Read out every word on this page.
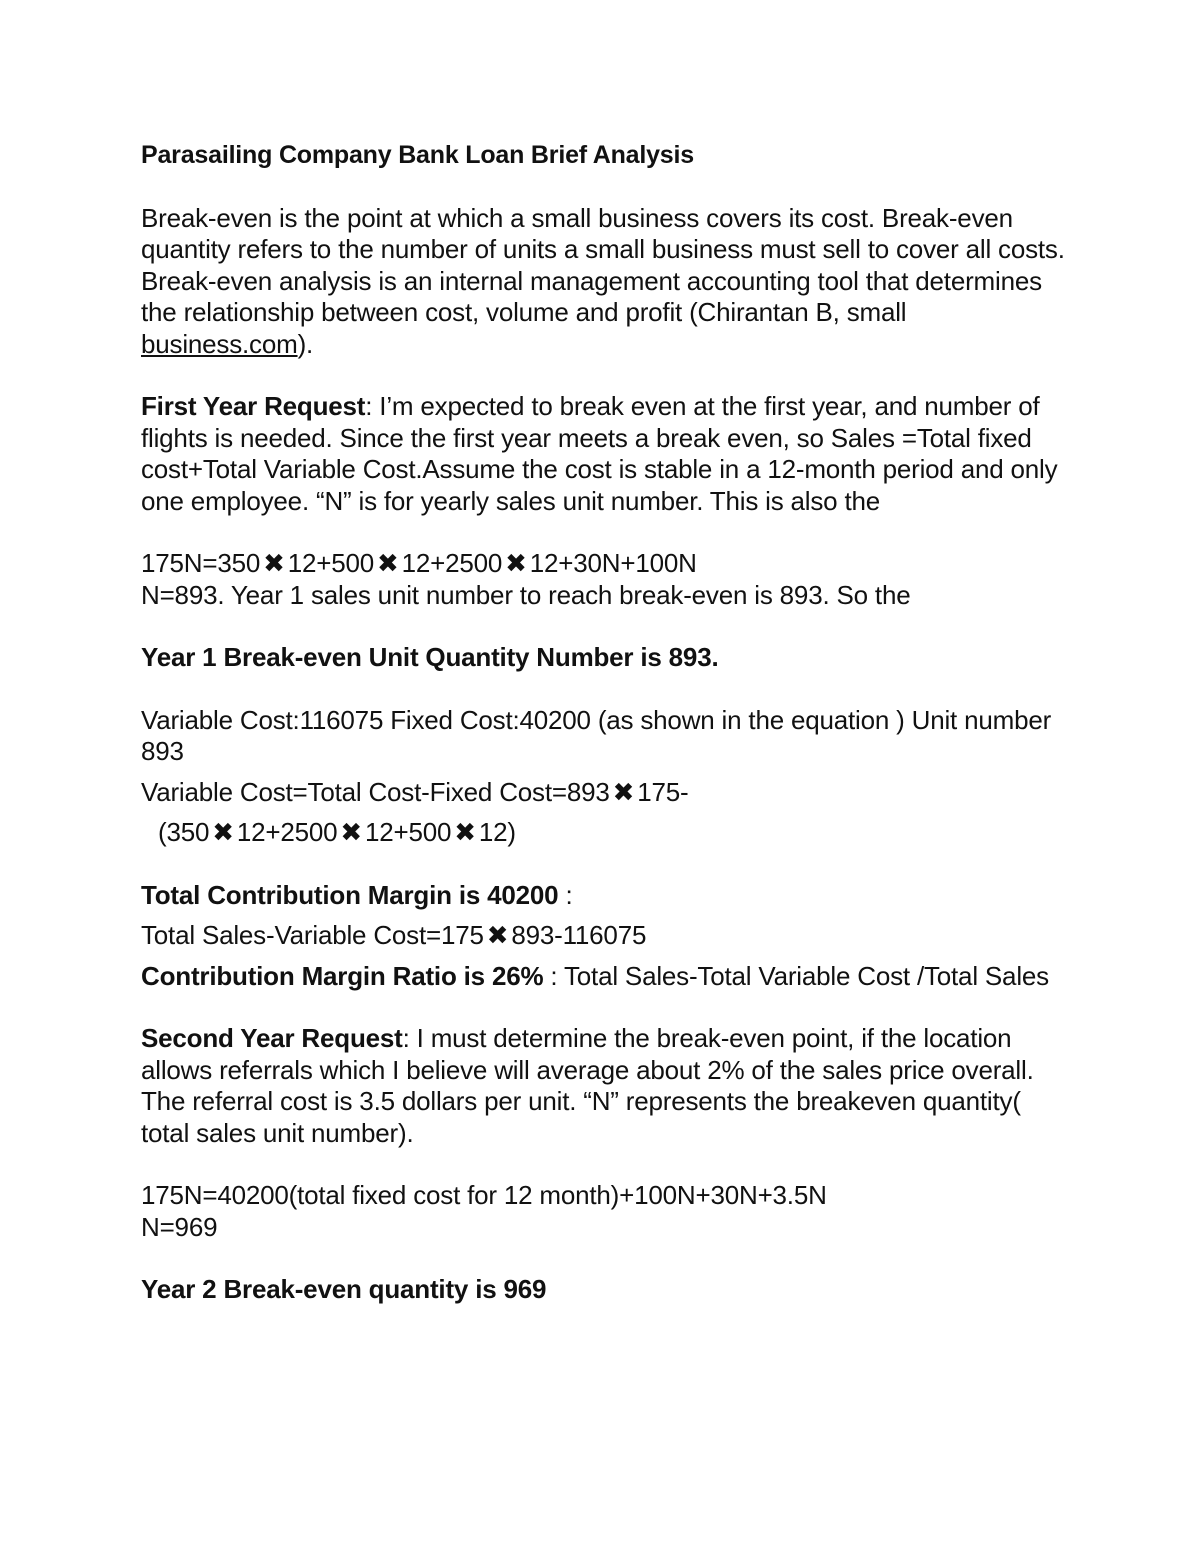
Parasailing Company Bank Loan Brief Analysis

Break-even is the point at which a small business covers its cost. Break-even quantity refers to the number of units a small business must sell to cover all costs. Break-even analysis is an internal management accounting tool that determines the relationship between cost, volume and profit (Chirantan B, small business.com).

First Year Request: I’m expected to break even at the first year, and number of flights is needed. Since the first year meets a break even, so Sales =Total fixed cost+Total Variable Cost.Assume the cost is stable in a 12-month period and only one employee. “N” is for yearly sales unit number. This is also the

175N=350 ✖ 12+500 ✖ 12+2500 ✖ 12+30N+100N

N=893. Year 1 sales unit number to reach break-even is 893. So the

Year 1 Break-even Unit Quantity Number is 893.

Variable Cost:116075 Fixed Cost:40200 (as shown in the equation ) Unit number 893

Variable Cost=Total Cost-Fixed Cost=893 ✖ 175-

(350 ✖ 12+2500 ✖ 12+500 ✖ 12)

Total Contribution Margin is 40200 :

Total Sales-Variable Cost=175 ✖ 893-116075

Contribution Margin Ratio is 26% : Total Sales-Total Variable Cost /Total Sales

Second Year Request: I must determine the break-even point, if the location allows referrals which I believe will average about 2% of the sales price overall. The referral cost is 3.5 dollars per unit. “N” represents the breakeven quantity( total sales unit number).

175N=40200(total fixed cost for 12 month)+100N+30N+3.5N

N=969

Year 2 Break-even quantity is 969
